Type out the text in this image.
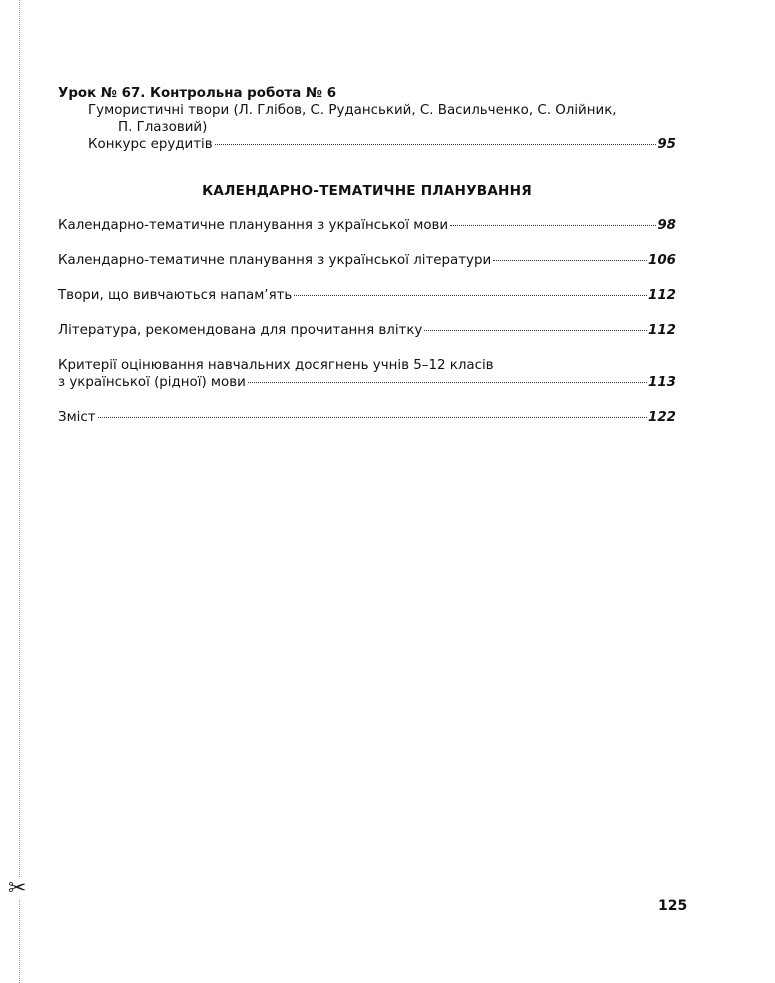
✂
Урок № 67. Контрольна робота № 6
Гумористичні твори (Л. Глібов, С. Руданський, С. Васильченко, С. Олійник,
П. Глазовий)
Конкурс ерудитів	95
КАЛЕНДАРНО-ТЕМАТИЧНЕ ПЛАНУВАННЯ
Календарно-тематичне планування з української мови	98
Календарно-тематичне планування з української літератури	106
Твори, що вивчаються напам’ять	112
Література, рекомендована для прочитання влітку	112
Критерії оцінювання навчальних досягнень учнів 5–12 класів
з української (рідної) мови	113
Зміст	122
125
